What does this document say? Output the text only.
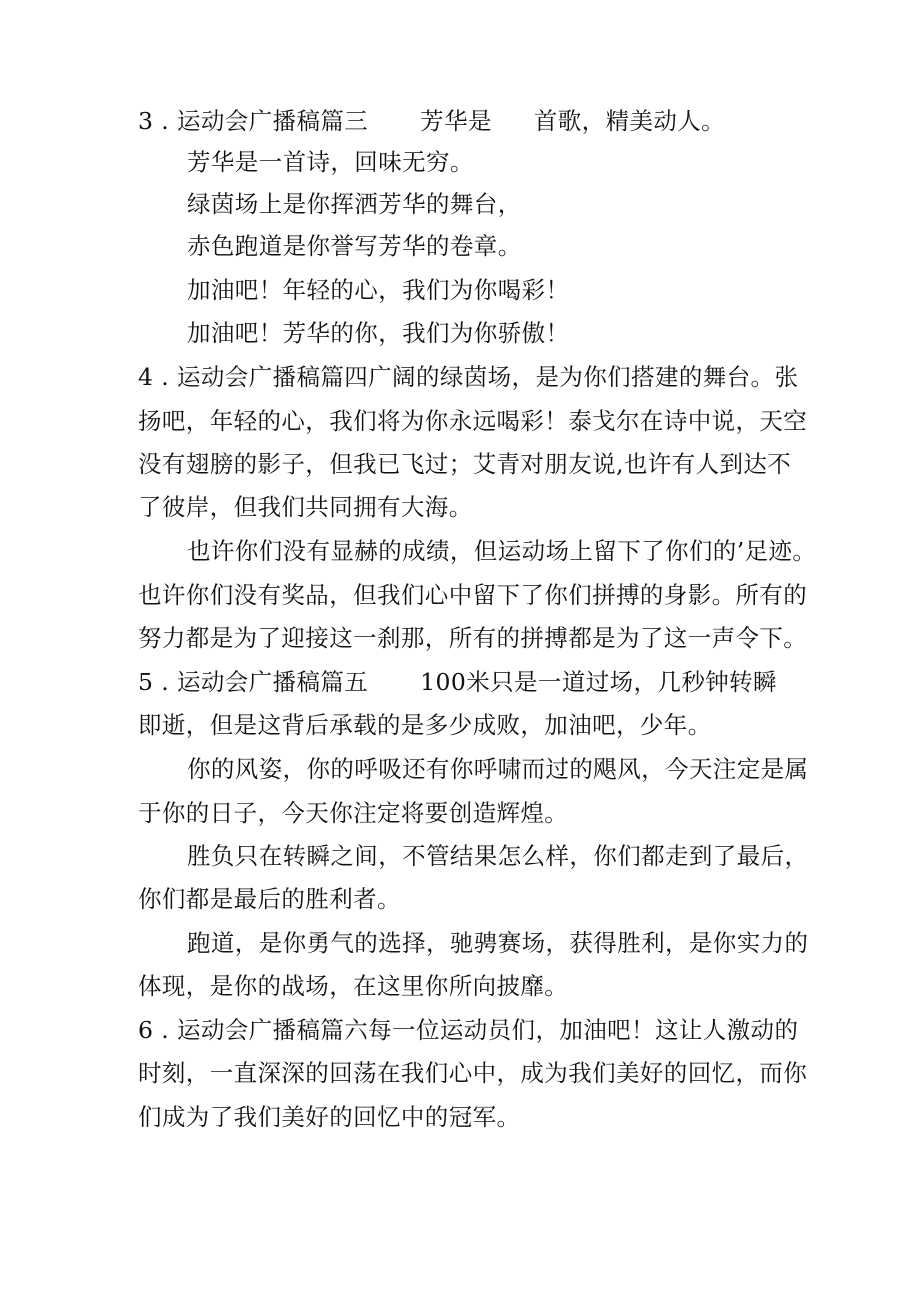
3 . 运动会广播稿篇三 芳华是 首歌，精美动人。
芳华是一首诗，回味无穷。
绿茵场上是你挥洒芳华的舞台，
赤色跑道是你誉写芳华的卷章。
加油吧！年轻的心，我们为你喝彩！
加油吧！芳华的你，我们为你骄傲！
4 . 运动会广播稿篇四广阔的绿茵场，是为你们搭建的舞台。张
扬吧，年轻的心，我们将为你永远喝彩！泰戈尔在诗中说，天空
没有翅膀的影子，但我已飞过；艾青对朋友说,也许有人到达不
了彼岸，但我们共同拥有大海。
也许你们没有显赫的成绩，但运动场上留下了你们的’足迹。
也许你们没有奖品，但我们心中留下了你们拼搏的身影。所有的
努力都是为了迎接这一刹那，所有的拼搏都是为了这一声令下。
5 . 运动会广播稿篇五 100米只是一道过场，几秒钟转瞬
即逝，但是这背后承载的是多少成败，加油吧，少年。
你的风姿，你的呼吸还有你呼啸而过的飓风，今天注定是属
于你的日子，今天你注定将要创造辉煌。
胜负只在转瞬之间，不管结果怎么样，你们都走到了最后，
你们都是最后的胜利者。
跑道，是你勇气的选择，驰骋赛场，获得胜利，是你实力的
体现，是你的战场，在这里你所向披靡。
6 . 运动会广播稿篇六每一位运动员们，加油吧！这让人激动的
时刻，一直深深的回荡在我们心中，成为我们美好的回忆，而你
们成为了我们美好的回忆中的冠军。
